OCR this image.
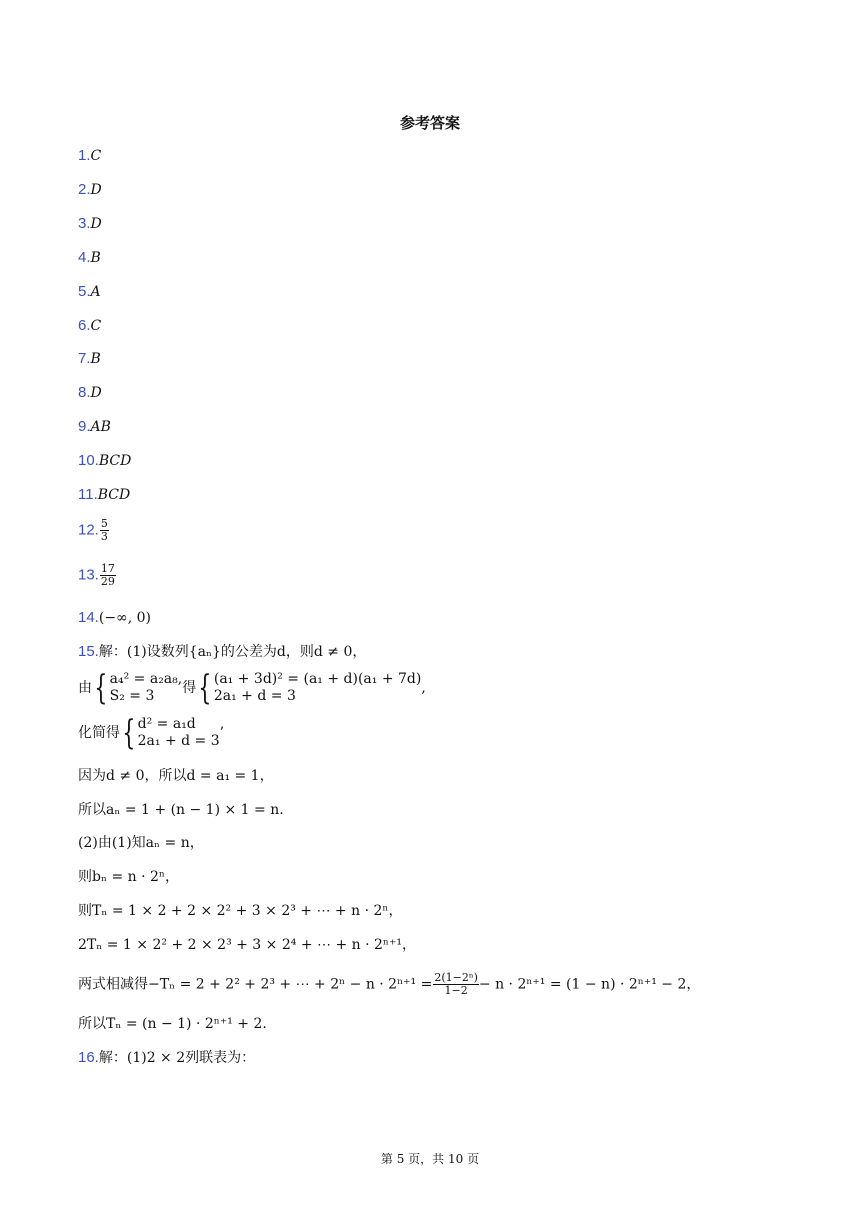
参考答案
1.C
2.D
3.D
4.B
5.A
6.C
7.B
8.D
9.AB
10.BCD
11.BCD
12. $\frac{5}{3}$
13. $\frac{17}{29}$
14.(−∞, 0)
15.解：(1)设数列{aₙ}的公差为d，则d ≠ 0，
由{ a₄² = a₂a₈,
S₂ = 3	得{ (a₁ + 3d)² = (a₁ + d)(a₁ + 7d)
2a₁ + d = 3	,
化简得{ d² = a₁d
2a₁ + d = 3 ’
因为d ≠ 0，所以d = a₁ = 1，
所以aₙ = 1 + (n − 1) × 1 = n.
(2)由(1)知aₙ = n，
则bₙ = n · 2ⁿ，
则Tₙ = 1 × 2 + 2 × 2² + 3 × 2³ + ⋯ + n · 2ⁿ，
2Tₙ = 1 × 2² + 2 × 2³ + 3 × 2⁴ + ⋯ + n · 2ⁿ⁺¹，
两式相减得−Tₙ = 2 + 2² + 2³ + ⋯ + $2^n - n \cdot 2^{n+1} = \frac{\text{2(1−2ⁿ)}}{1-2} - n \cdot 2^{n+1} = (1 - n) \cdot 2^{n+1} - 2$，
所以Tₙ = (n − 1) · 2ⁿ⁺¹ + 2.
16.解：(1)2 × 2列联表为：
第 5 页，共 10 页
